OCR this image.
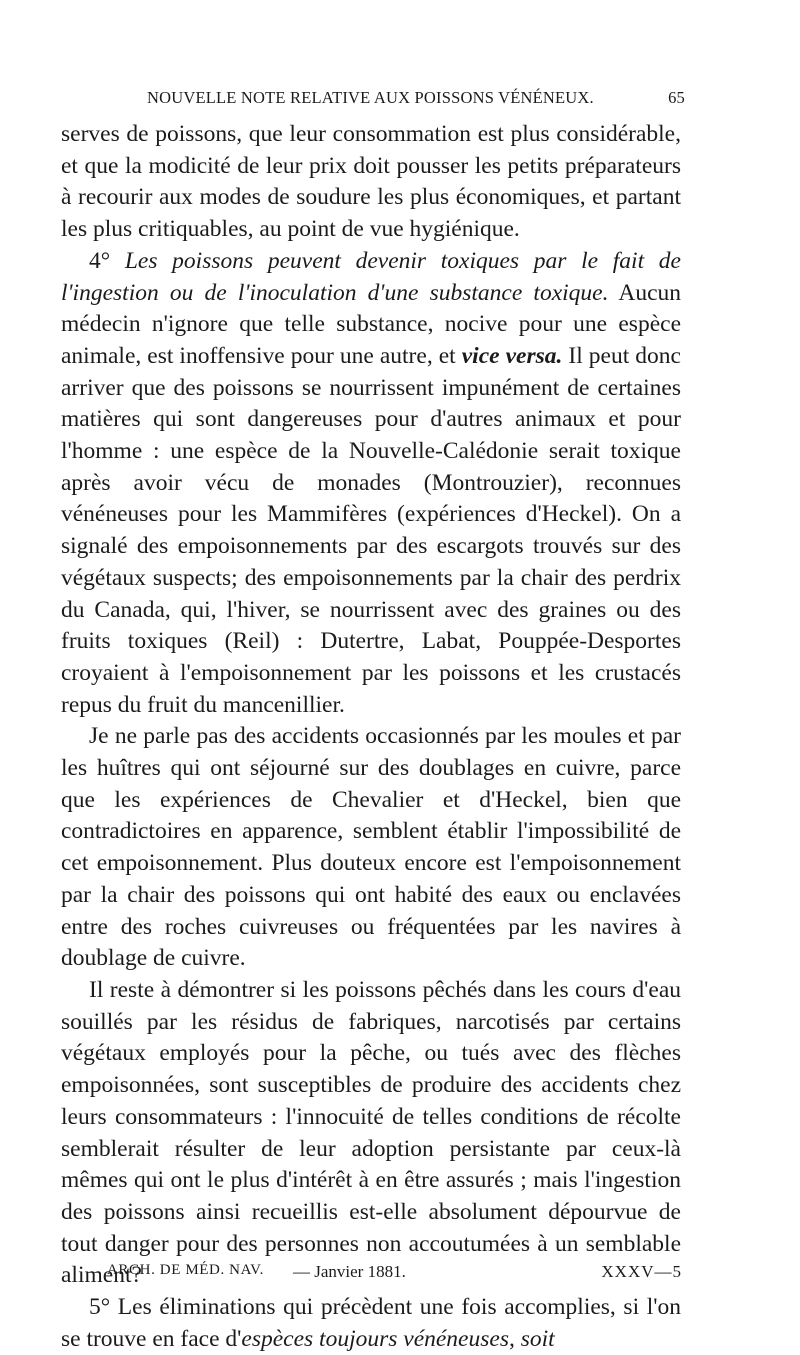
NOUVELLE NOTE RELATIVE AUX POISSONS VÉNÉNEUX.	65

serves de poissons, que leur consommation est plus considérable, et que la modicité de leur prix doit pousser les petits préparateurs à recourir aux modes de soudure les plus économiques, et partant les plus critiquables, au point de vue hygiénique.

4° Les poissons peuvent devenir toxiques par le fait de l'ingestion ou de l'inoculation d'une substance toxique. Aucun médecin n'ignore que telle substance, nocive pour une espèce animale, est inoffensive pour une autre, et vice versa. Il peut donc arriver que des poissons se nourrissent impunément de certaines matières qui sont dangereuses pour d'autres animaux et pour l'homme : une espèce de la Nouvelle-Calédonie serait toxique après avoir vécu de monades (Montrouzier), reconnues vénéneuses pour les Mammifères (expériences d'Heckel). On a signalé des empoisonnements par des escargots trouvés sur des végétaux suspects; des empoisonnements par la chair des perdrix du Canada, qui, l'hiver, se nourrissent avec des graines ou des fruits toxiques (Reil) : Dutertre, Labat, Pouppée-Desportes croyaient à l'empoisonnement par les poissons et les crustacés repus du fruit du mancenillier.

Je ne parle pas des accidents occasionnés par les moules et par les huîtres qui ont séjourné sur des doublages en cuivre, parce que les expériences de Chevalier et d'Heckel, bien que contradictoires en apparence, semblent établir l'impossibilité de cet empoisonnement. Plus douteux encore est l'empoisonnement par la chair des poissons qui ont habité des eaux ou enclavées entre des roches cuivreuses ou fréquentées par les navires à doublage de cuivre.

Il reste à démontrer si les poissons pêchés dans les cours d'eau souillés par les résidus de fabriques, narcotisés par certains végétaux employés pour la pêche, ou tués avec des flèches empoisonnées, sont susceptibles de produire des accidents chez leurs consommateurs : l'innocuité de telles conditions de récolte semblerait résulter de leur adoption persistante par ceux-là mêmes qui ont le plus d'intérêt à en être assurés ; mais l'ingestion des poissons ainsi recueillis est-elle absolument dépourvue de tout danger pour des personnes non accoutumées à un semblable aliment?

5° Les éliminations qui précèdent une fois accomplies, si l'on se trouve en face d'espèces toujours vénéneuses, soit

ARCH. DE MÉD. NAV. — Janvier 1881.	XXXV—5
